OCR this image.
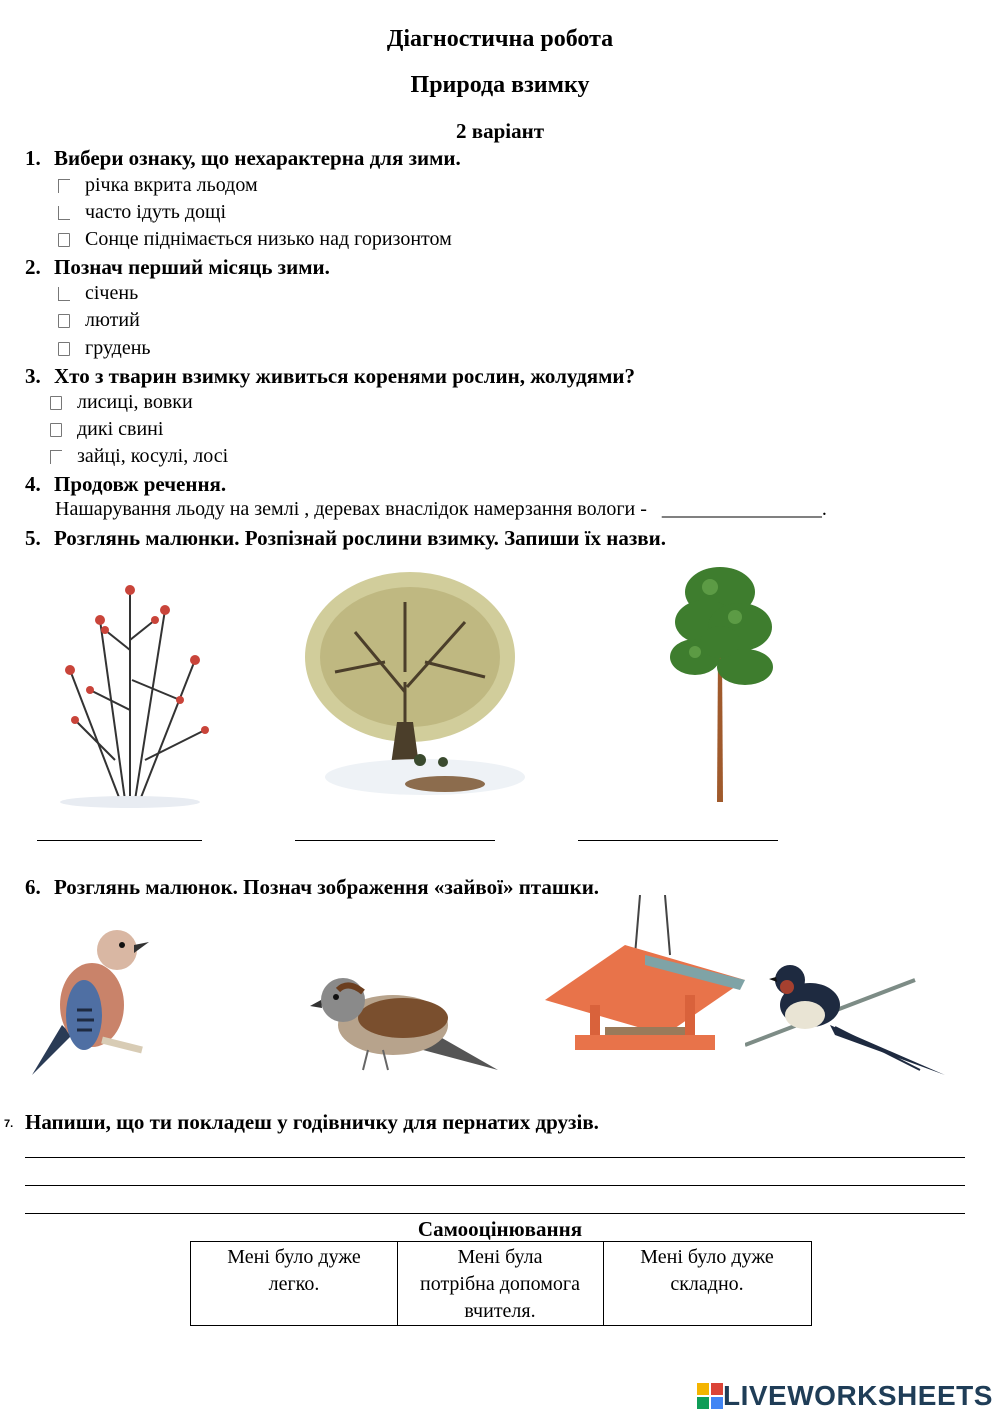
Діагностична робота
Природа взимку
2 варіант
1. Вибери ознаку, що нехарактерна для зими.
річка вкрита льодом
часто ідуть дощі
Сонце піднімається низько над горизонтом
2. Познач перший місяць зими.
січень
лютий
грудень
3. Хто з тварин взимку живиться коренями рослин, жолудями?
лисиці, вовки
дикі свині
зайці, косулі, лосі
4. Продовж речення.
Нашарування льоду на землі , деревах внаслідок намерзання вологи - ________________.
5. Розглянь малюнки. Розпізнай рослини взимку. Запиши їх назви.
6. Розглянь малюнок. Познач зображення «зайвої» пташки.
7. Напиши, що ти покладеш у годівничку для пернатих друзів.
Самооцінювання
Мені було дуже
легко.
Мені була
потрібна допомога
вчителя.
Мені було дуже
складно.
LIVEWORKSHEETS
